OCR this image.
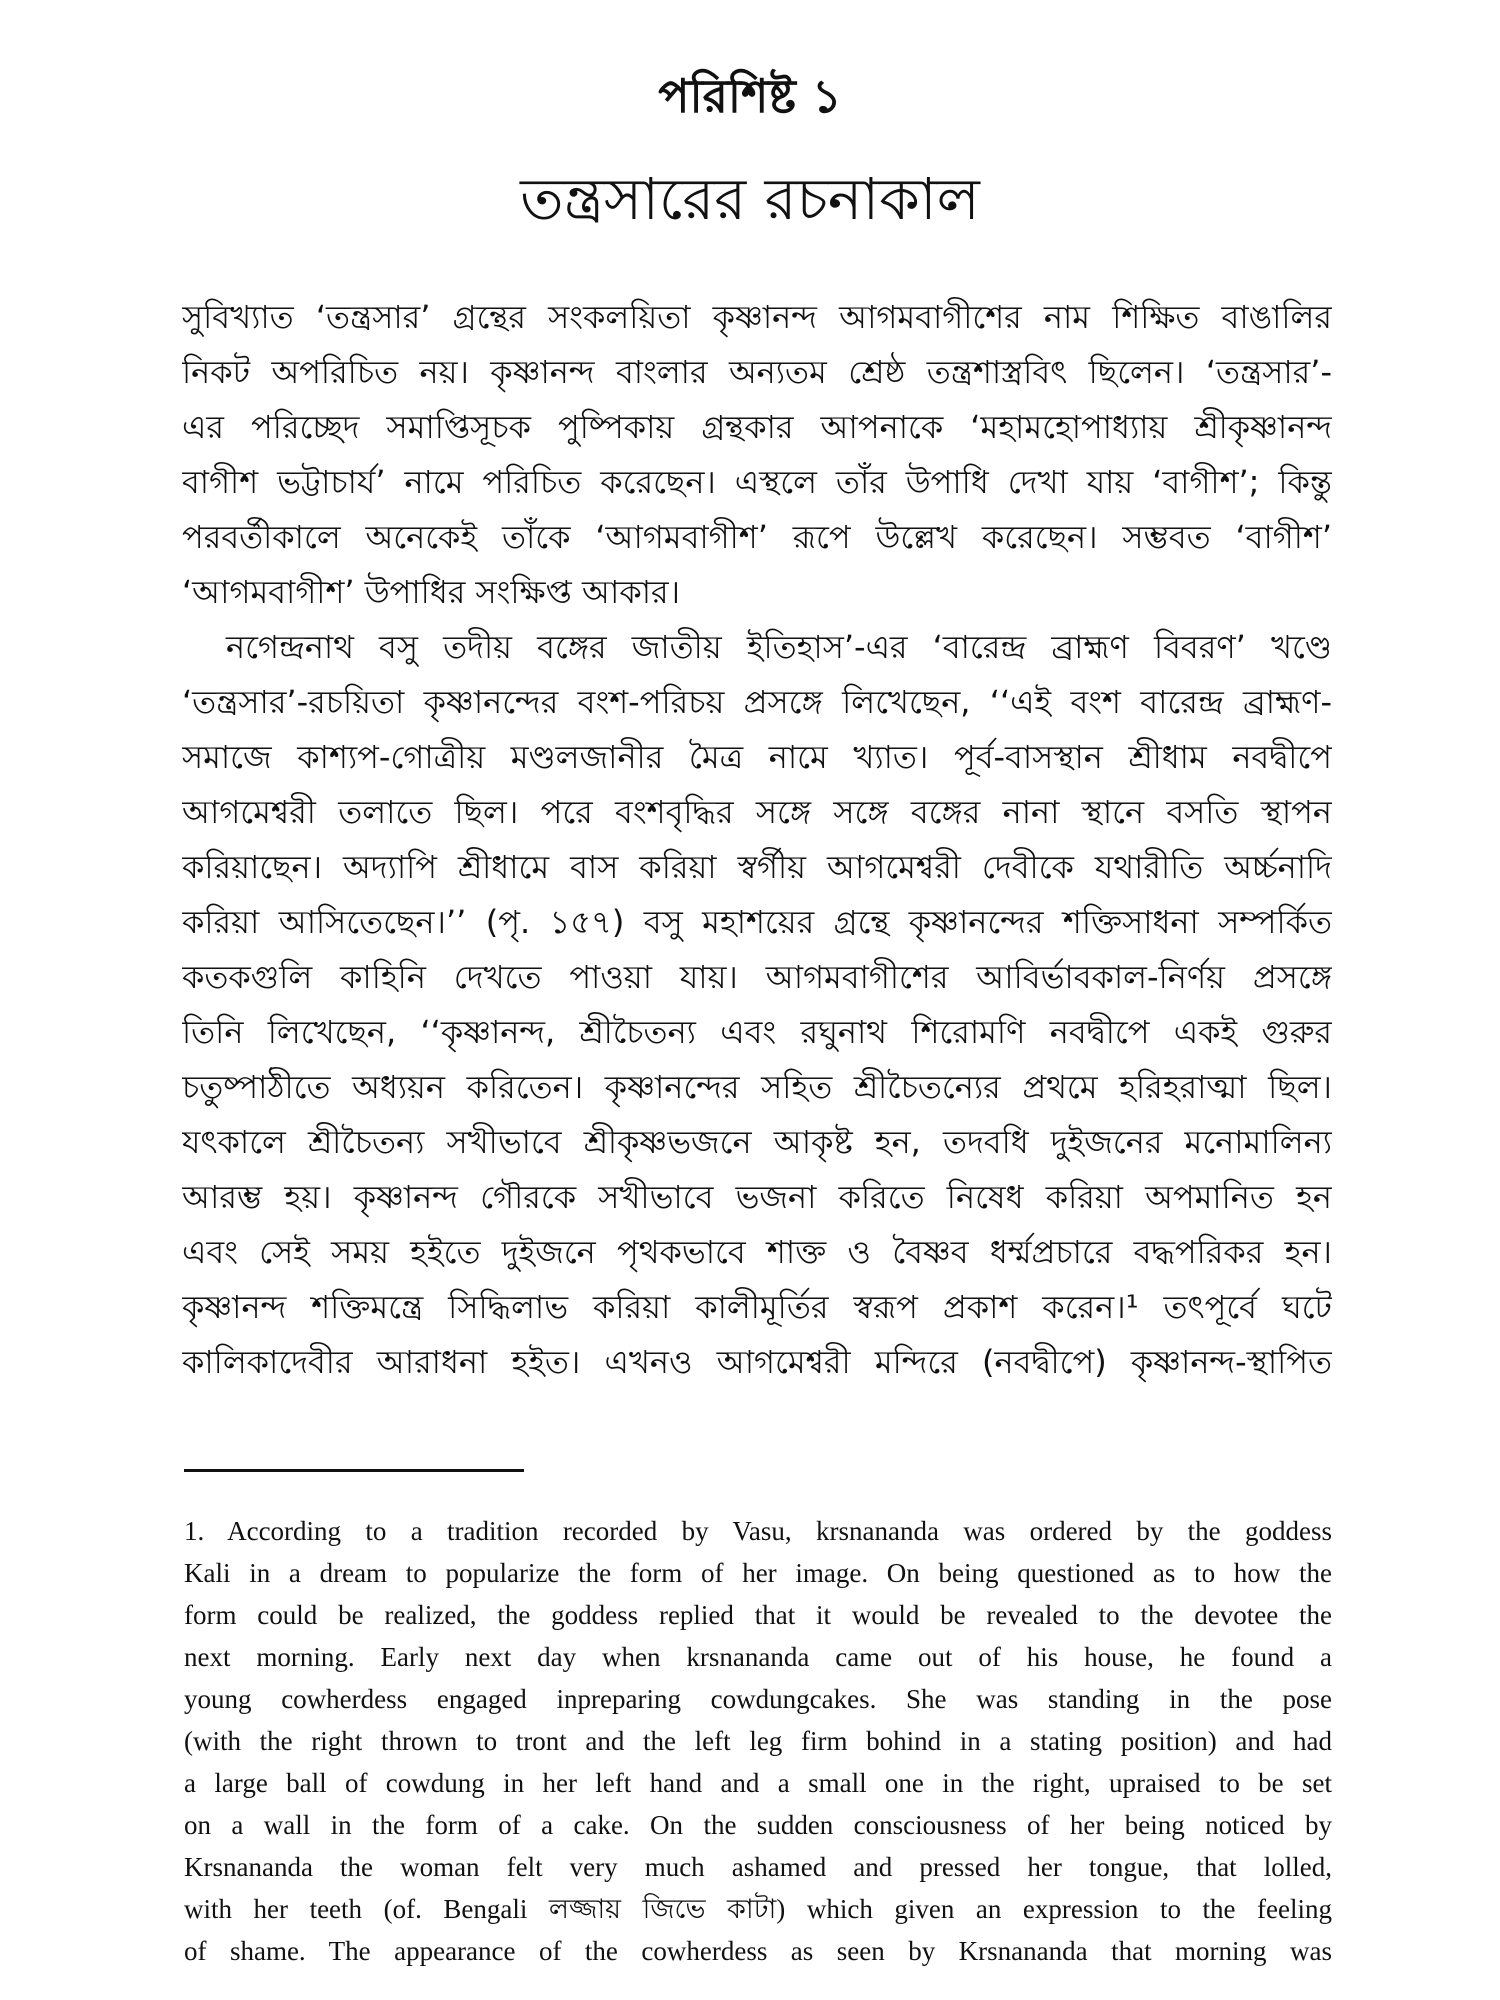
পরিশিষ্ট ১
তন্ত্রসারের রচনাকাল
সুবিখ্যাত ‘তন্ত্রসার’ গ্রন্থের সংকলয়িতা কৃষ্ণানন্দ আগমবাগীশের নাম শিক্ষিত বাঙালির
নিকট অপরিচিত নয়। কৃষ্ণানন্দ বাংলার অন্যতম শ্রেষ্ঠ তন্ত্রশাস্ত্রবিৎ ছিলেন। ‘তন্ত্রসার’-
এর পরিচ্ছেদ সমাপ্তিসূচক পুষ্পিকায় গ্রন্থকার আপনাকে ‘মহামহোপাধ্যায় শ্রীকৃষ্ণানন্দ
বাগীশ ভট্টাচার্য’ নামে পরিচিত করেছেন। এস্থলে তাঁর উপাধি দেখা যায় ‘বাগীশ’; কিন্তু
পরবর্তীকালে অনেকেই তাঁকে ‘আগমবাগীশ’ রূপে উল্লেখ করেছেন। সম্ভবত ‘বাগীশ’
‘আগমবাগীশ’ উপাধির সংক্ষিপ্ত আকার।
নগেন্দ্রনাথ বসু তদীয় বঙ্গের জাতীয় ইতিহাস’-এর ‘বারেন্দ্র ব্রাহ্মণ বিবরণ’ খণ্ডে
‘তন্ত্রসার’-রচয়িতা কৃষ্ণানন্দের বংশ-পরিচয় প্রসঙ্গে লিখেছেন, ‘‘এই বংশ বারেন্দ্র ব্রাহ্মণ-
সমাজে কাশ্যপ-গোত্রীয় মণ্ডলজানীর মৈত্র নামে খ্যাত। পূর্ব-বাসস্থান শ্রীধাম নবদ্বীপে
আগমেশ্বরী তলাতে ছিল। পরে বংশবৃদ্ধির সঙ্গে সঙ্গে বঙ্গের নানা স্থানে বসতি স্থাপন
করিয়াছেন। অদ্যাপি শ্রীধামে বাস করিয়া স্বর্গীয় আগমেশ্বরী দেবীকে যথারীতি অর্চ্চনাদি
করিয়া আসিতেছেন।’’ (পৃ. ১৫৭) বসু মহাশয়ের গ্রন্থে কৃষ্ণানন্দের শক্তিসাধনা সম্পর্কিত
কতকগুলি কাহিনি দেখতে পাওয়া যায়। আগমবাগীশের আবির্ভাবকাল-নির্ণয় প্রসঙ্গে
তিনি লিখেছেন, ‘‘কৃষ্ণানন্দ, শ্রীচৈতন্য এবং রঘুনাথ শিরোমণি নবদ্বীপে একই গুরুর
চতুষ্পাঠীতে অধ্যয়ন করিতেন। কৃষ্ণানন্দের সহিত শ্রীচৈতন্যের প্রথমে হরিহরাত্মা ছিল।
যৎকালে শ্রীচৈতন্য সখীভাবে শ্রীকৃষ্ণভজনে আকৃষ্ট হন, তদবধি দুইজনের মনোমালিন্য
আরম্ভ হয়। কৃষ্ণানন্দ গৌরকে সখীভাবে ভজনা করিতে নিষেধ করিয়া অপমানিত হন
এবং সেই সময় হইতে দুইজনে পৃথকভাবে শাক্ত ও বৈষ্ণব ধর্ম্মপ্রচারে বদ্ধপরিকর হন।
কৃষ্ণানন্দ শক্তিমন্ত্রে সিদ্ধিলাভ করিয়া কালীমূর্তির স্বরূপ প্রকাশ করেন।¹ তৎপূর্বে ঘটে
কালিকাদেবীর আরাধনা হইত। এখনও আগমেশ্বরী মন্দিরে (নবদ্বীপে) কৃষ্ণানন্দ-স্থাপিত
1. According to a tradition recorded by Vasu, krsnananda was ordered by the goddess
Kali in a dream to popularize the form of her image. On being questioned as to how the
form could be realized, the goddess replied that it would be revealed to the devotee the
next morning. Early next day when krsnananda came out of his house, he found a
young cowherdess engaged inpreparing cowdungcakes. She was standing in the pose
(with the right thrown to tront and the left leg firm bohind in a stating position) and had
a large ball of cowdung in her left hand and a small one in the right, upraised to be set
on a wall in the form of a cake. On the sudden consciousness of her being noticed by
Krsnananda the woman felt very much ashamed and pressed her tongue, that lolled,
with her teeth (of. Bengali লজ্জায় জিভে কাটা) which given an expression to the feeling
of shame. The appearance of the cowherdess as seen by Krsnananda that morning was
